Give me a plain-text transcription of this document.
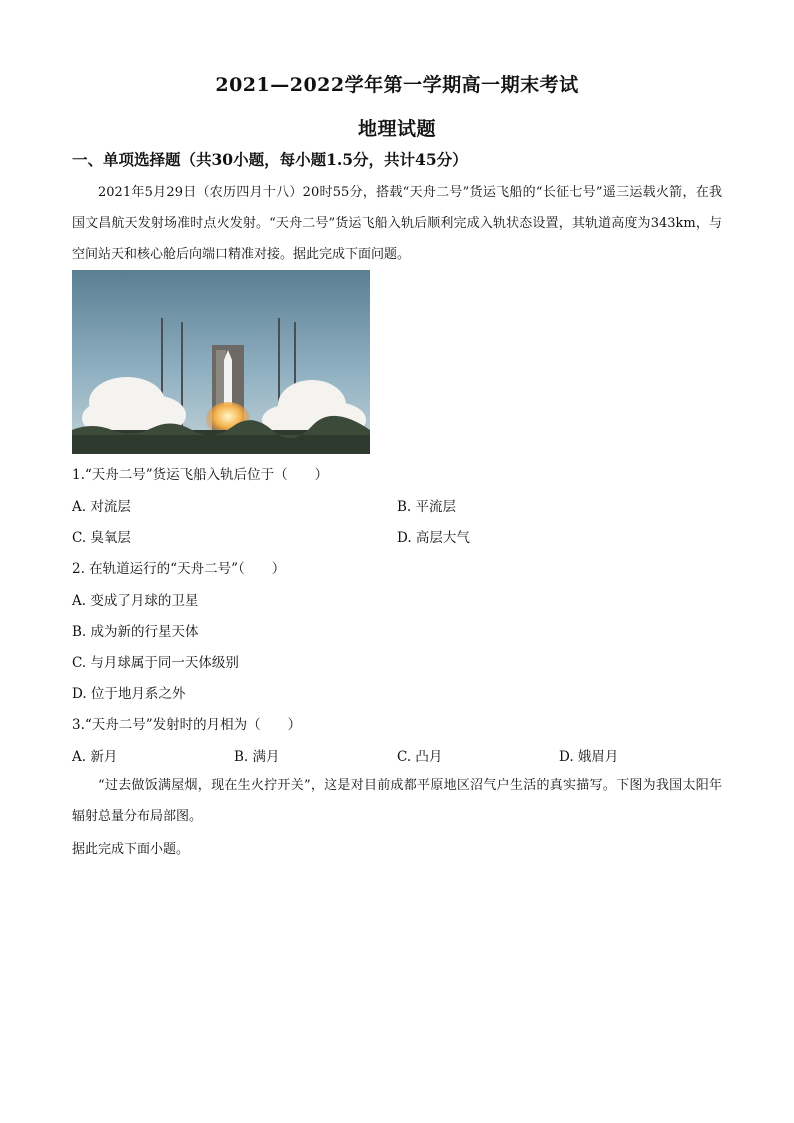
2021—2022学年第一学期高一期末考试
地理试题
一、单项选择题（共30小题，每小题1.5分，共计45分）
2021年5月29日（农历四月十八）20时55分，搭载“天舟二号”货运飞船的“长征七号”遥三运载火箭，在我国文昌航天发射场准时点火发射。“天舟二号”货运飞船入轨后顺利完成入轨状态设置，其轨道高度为343km，与空间站天和核心舱后向端口精准对接。据此完成下面问题。
1.“天舟二号”货运飞船入轨后位于（　　）
A. 对流层	B. 平流层
C. 臭氧层	D. 高层大气
2. 在轨道运行的“天舟二号”（　　）
A. 变成了月球的卫星
B. 成为新的行星天体
C. 与月球属于同一天体级别
D. 位于地月系之外
3.“天舟二号”发射时的月相为（　　）
A. 新月	B. 满月	C. 凸月	D. 娥眉月
“过去做饭满屋烟，现在生火拧开关”，这是对目前成都平原地区沼气户生活的真实描写。下图为我国太阳年辐射总量分布局部图。
据此完成下面小题。
